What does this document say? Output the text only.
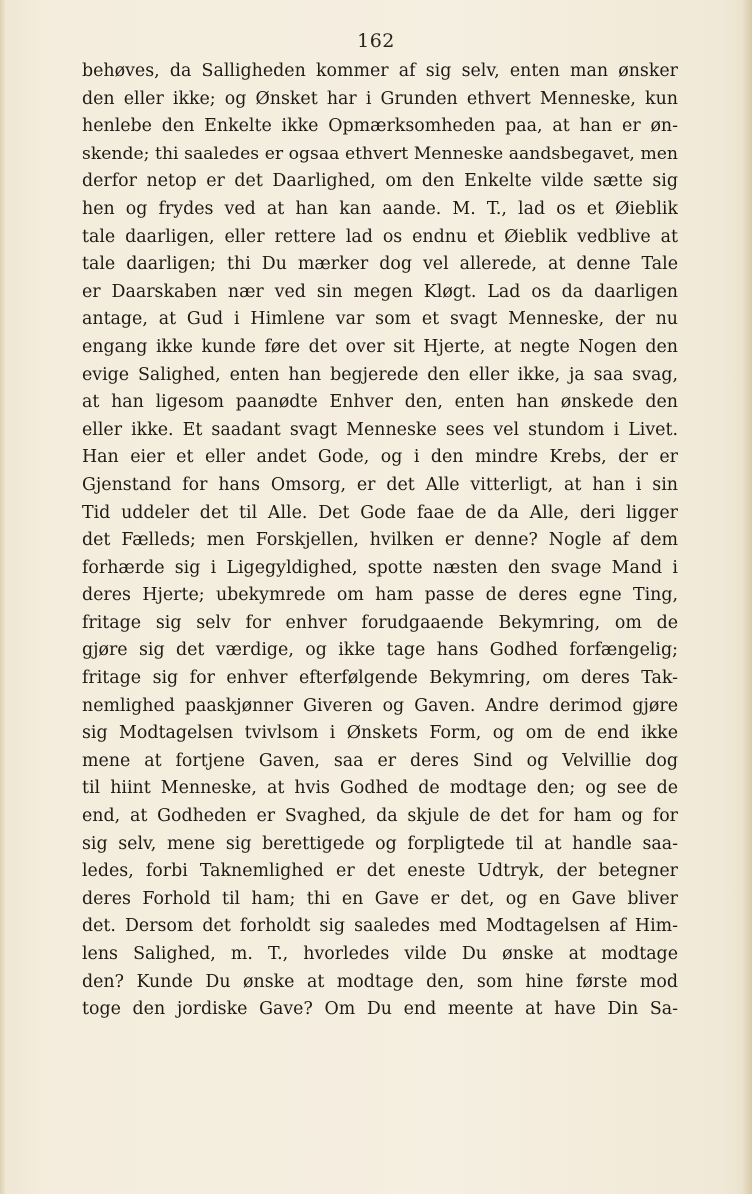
162
behøves, da Salligheden kommer af sig selv, enten man ønsker
den eller ikke; og Ønsket har i Grunden ethvert Menneske, kun
henlebe den Enkelte ikke Opmærksomheden paa, at han er øn-
skende; thi saaledes er ogsaa ethvert Menneske aandsbegavet, men
derfor netop er det Daarlighed, om den Enkelte vilde sætte sig
hen og frydes ved at han kan aande. M. T., lad os et Øieblik
tale daarligen, eller rettere lad os endnu et Øieblik vedblive at
tale daarligen; thi Du mærker dog vel allerede, at denne Tale
er Daarskaben nær ved sin megen Kløgt. Lad os da daarligen
antage, at Gud i Himlene var som et svagt Menneske, der nu
engang ikke kunde føre det over sit Hjerte, at negte Nogen den
evige Salighed, enten han begjerede den eller ikke, ja saa svag,
at han ligesom paanødte Enhver den, enten han ønskede den
eller ikke. Et saadant svagt Menneske sees vel stundom i Livet.
Han eier et eller andet Gode, og i den mindre Krebs, der er
Gjenstand for hans Omsorg, er det Alle vitterligt, at han i sin
Tid uddeler det til Alle. Det Gode faae de da Alle, deri ligger
det Fælleds; men Forskjellen, hvilken er denne? Nogle af dem
forhærde sig i Ligegyldighed, spotte næsten den svage Mand i
deres Hjerte; ubekymrede om ham passe de deres egne Ting,
fritage sig selv for enhver forudgaaende Bekymring, om de
gjøre sig det værdige, og ikke tage hans Godhed forfængelig;
fritage sig for enhver efterfølgende Bekymring, om deres Tak-
nemlighed paaskjønner Giveren og Gaven. Andre derimod gjøre
sig Modtagelsen tvivlsom i Ønskets Form, og om de end ikke
mene at fortjene Gaven, saa er deres Sind og Velvillie dog
til hiint Menneske, at hvis Godhed de modtage den; og see de
end, at Godheden er Svaghed, da skjule de det for ham og for
sig selv, mene sig berettigede og forpligtede til at handle saa-
ledes, forbi Taknemlighed er det eneste Udtryk, der betegner
deres Forhold til ham; thi en Gave er det, og en Gave bliver
det. Dersom det forholdt sig saaledes med Modtagelsen af Him-
lens Salighed, m. T., hvorledes vilde Du ønske at modtage
den? Kunde Du ønske at modtage den, som hine første mod
toge den jordiske Gave? Om Du end meente at have Din Sa-
